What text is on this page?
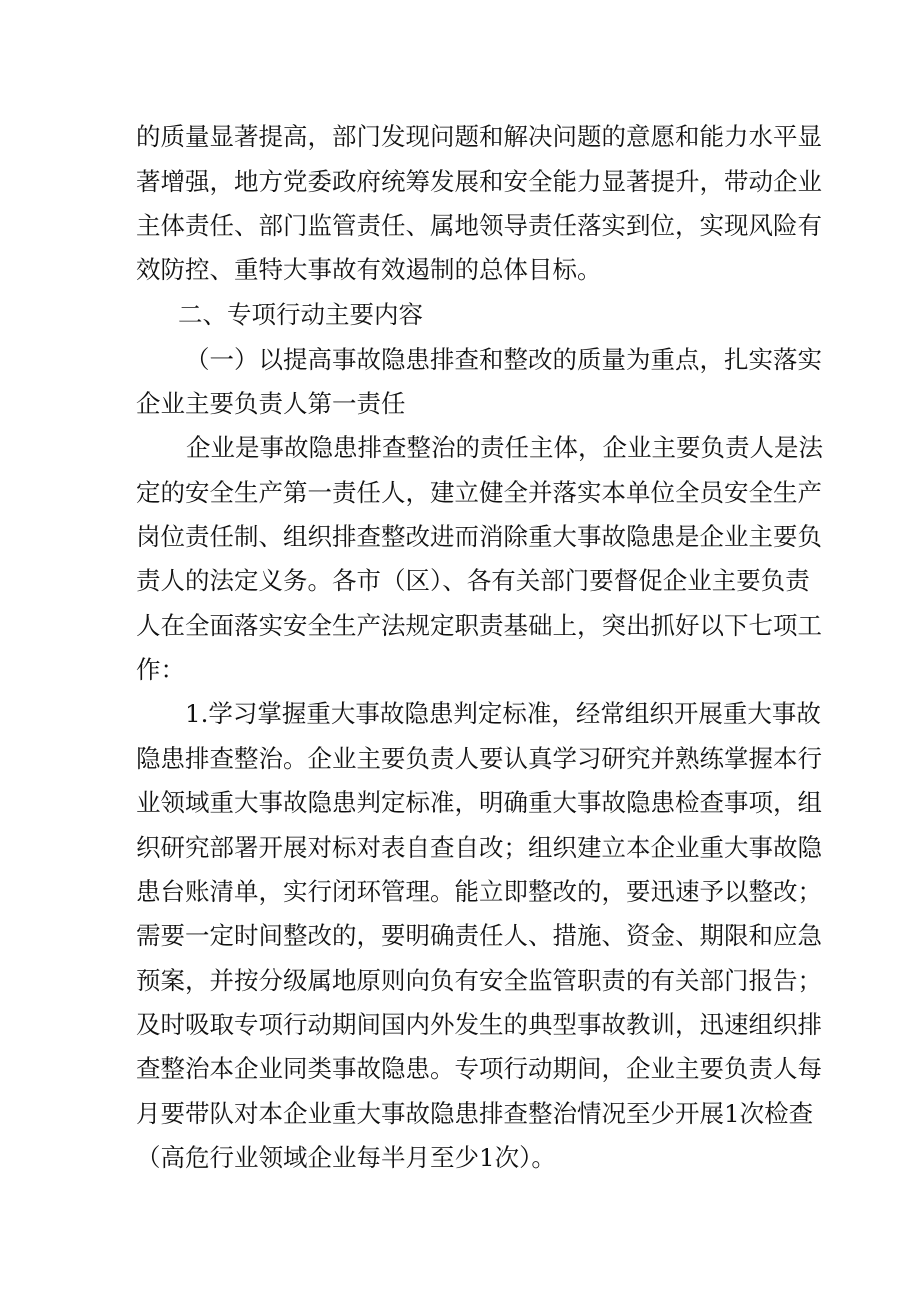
的质量显著提高，部门发现问题和解决问题的意愿和能力水平显
著增强，地方党委政府统筹发展和安全能力显著提升，带动企业
主体责任、部门监管责任、属地领导责任落实到位，实现风险有
效防控、重特大事故有效遏制的总体目标。
二、专项行动主要内容
（一）以提高事故隐患排查和整改的质量为重点，扎实落实
企业主要负责人第一责任
企业是事故隐患排查整治的责任主体，企业主要负责人是法
定的安全生产第一责任人，建立健全并落实本单位全员安全生产
岗位责任制、组织排查整改进而消除重大事故隐患是企业主要负
责人的法定义务。各市（区）、各有关部门要督促企业主要负责
人在全面落实安全生产法规定职责基础上，突出抓好以下七项工
作：
1.学习掌握重大事故隐患判定标准，经常组织开展重大事故
隐患排查整治。企业主要负责人要认真学习研究并熟练掌握本行
业领域重大事故隐患判定标准，明确重大事故隐患检查事项，组
织研究部署开展对标对表自查自改；组织建立本企业重大事故隐
患台账清单，实行闭环管理。能立即整改的，要迅速予以整改；
需要一定时间整改的，要明确责任人、措施、资金、期限和应急
预案，并按分级属地原则向负有安全监管职责的有关部门报告；
及时吸取专项行动期间国内外发生的典型事故教训，迅速组织排
查整治本企业同类事故隐患。专项行动期间，企业主要负责人每
月要带队对本企业重大事故隐患排查整治情况至少开展1次检查
（高危行业领域企业每半月至少1次）。
